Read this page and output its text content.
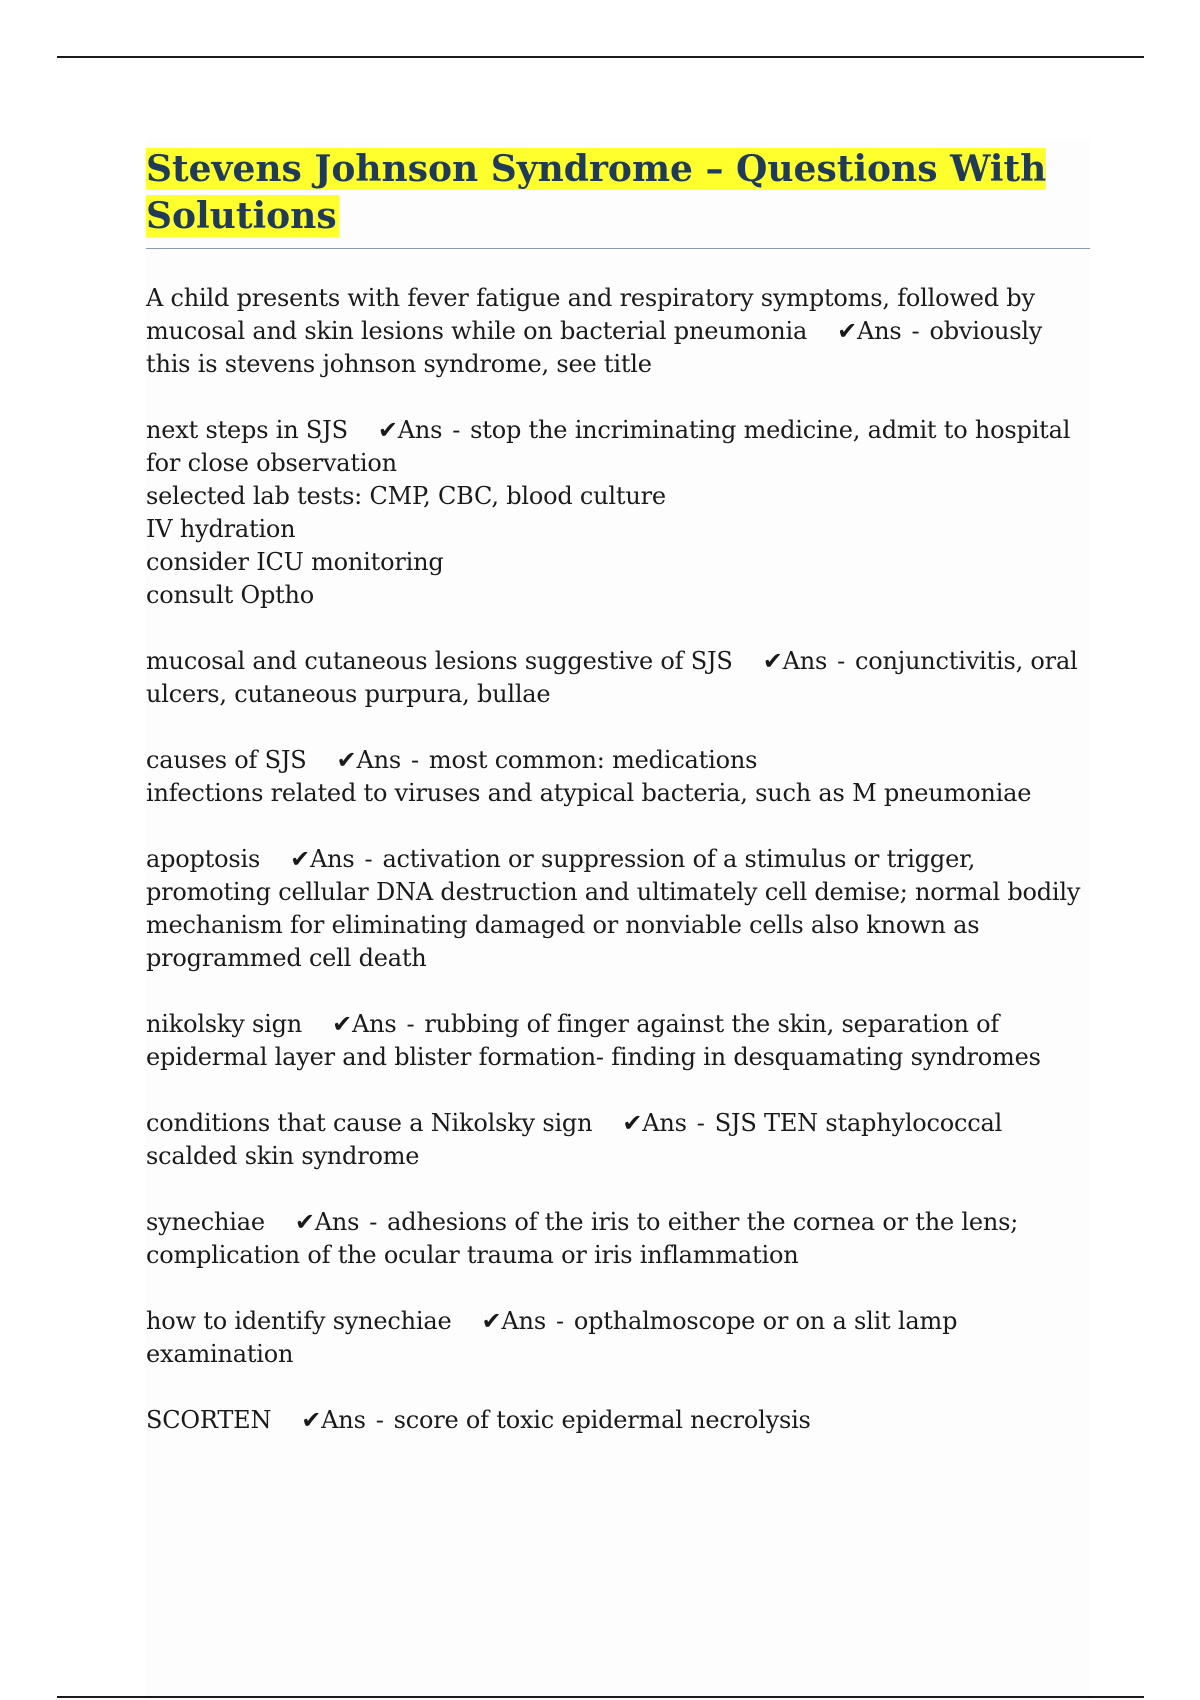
Stevens Johnson Syndrome – Questions With Solutions
A child presents with fever fatigue and respiratory symptoms, followed by mucosal and skin lesions while on bacterial pneumonia ✔Ans - obviously this is stevens johnson syndrome, see title
next steps in SJS ✔Ans - stop the incriminating medicine, admit to hospital for close observation
selected lab tests: CMP, CBC, blood culture
IV hydration
consider ICU monitoring
consult Optho
mucosal and cutaneous lesions suggestive of SJS ✔Ans - conjunctivitis, oral ulcers, cutaneous purpura, bullae
causes of SJS ✔Ans - most common: medications
infections related to viruses and atypical bacteria, such as M pneumoniae
apoptosis ✔Ans - activation or suppression of a stimulus or trigger, promoting cellular DNA destruction and ultimately cell demise; normal bodily mechanism for eliminating damaged or nonviable cells also known as programmed cell death
nikolsky sign ✔Ans - rubbing of finger against the skin, separation of epidermal layer and blister formation- finding in desquamating syndromes
conditions that cause a Nikolsky sign ✔Ans - SJS TEN staphylococcal scalded skin syndrome
synechiae ✔Ans - adhesions of the iris to either the cornea or the lens; complication of the ocular trauma or iris inflammation
how to identify synechiae ✔Ans - opthalmoscope or on a slit lamp examination
SCORTEN ✔Ans - score of toxic epidermal necrolysis
